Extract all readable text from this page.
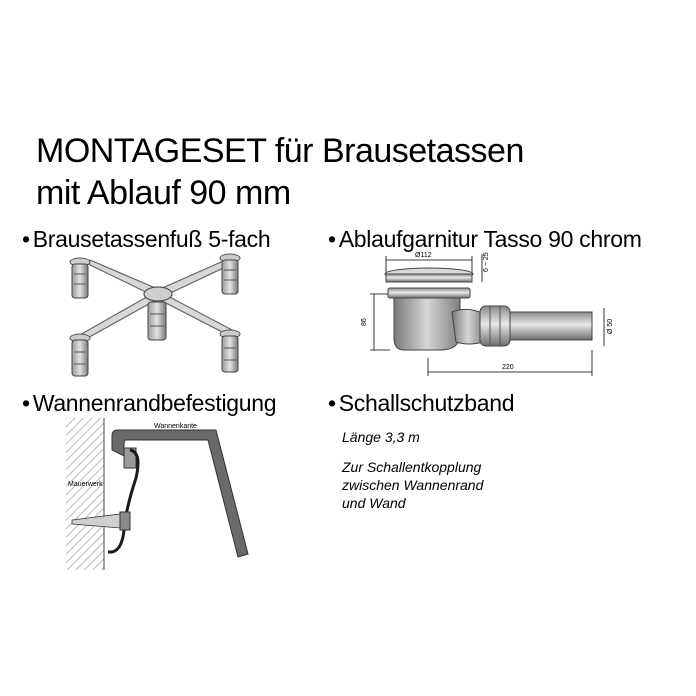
MONTAGESET für Brausetassen
mit Ablauf 90 mm
• Brausetassenfuß 5-fach	• Ablaufgarnitur Tasso 90 chrom
• Wannenrandbefestigung • Schallschutzband
Länge 3,3 m
Zur Schallentkopplung
zwischen Wannenrand
und Wand
Ø112	6 ~ 25
86	Ø 50
220
Mauerwerk
Wannenkante
